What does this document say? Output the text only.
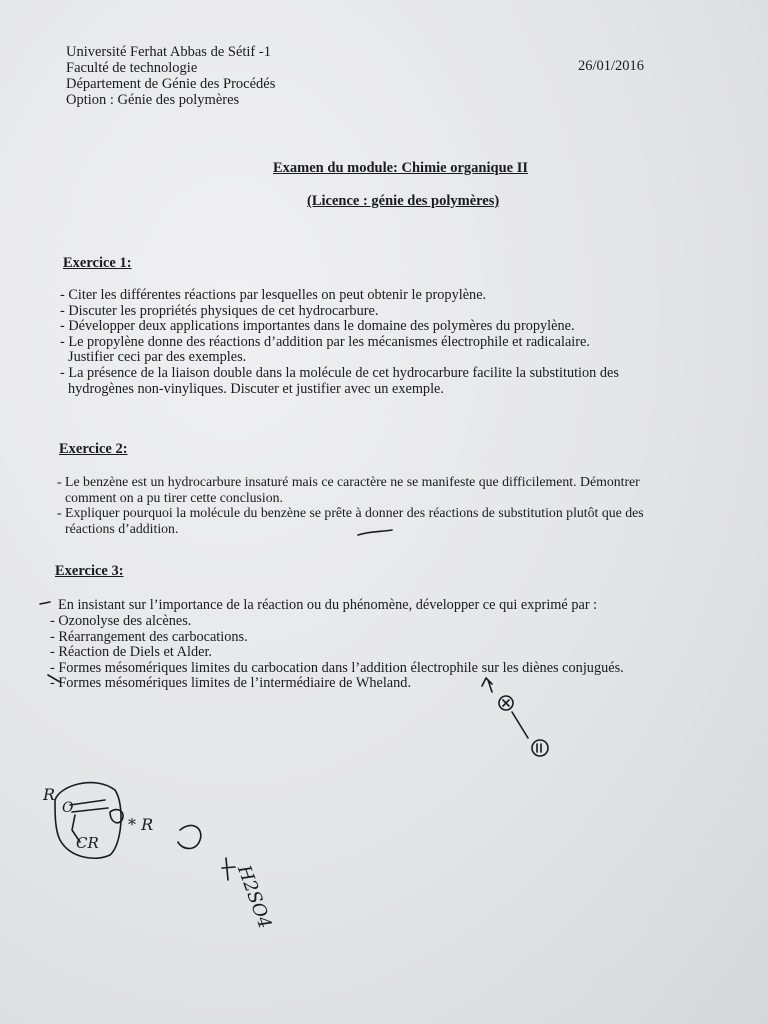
Université Ferhat Abbas de Sétif -1
Faculté de technologie
Département de Génie des Procédés
Option : Génie des polymères
26/01/2016
Examen du module: Chimie organique II
(Licence : génie des polymères)
Exercice 1:
- Citer les différentes réactions par lesquelles on peut obtenir le propylène.
- Discuter les propriétés physiques de cet hydrocarbure.
- Développer deux applications importantes dans le domaine des polymères du propylène.
- Le propylène donne des réactions d’addition par les mécanismes électrophile et radicalaire.
Justifier ceci par des exemples.
- La présence de la liaison double dans la molécule de cet hydrocarbure facilite la substitution des
hydrogènes non-vinyliques. Discuter et justifier avec un exemple.
Exercice 2:
- Le benzène est un hydrocarbure insaturé mais ce caractère ne se manifeste que difficilement. Démontrer
comment on a pu tirer cette conclusion.
- Expliquer pourquoi la molécule du benzène se prête à donner des réactions de substitution plutôt que des
réactions d’addition.
Exercice 3:
En insistant sur l’importance de la réaction ou du phénomène, développer ce qui exprimé par :
- Ozonolyse des alcènes.
- Réarrangement des carbocations.
- Réaction de Diels et Alder.
- Formes mésomériques limites du carbocation dans l’addition électrophile sur les diènes conjugués.
- Formes mésomériques limites de l’intermédiaire de Wheland.
R
O
CR
* R
H2SO4
